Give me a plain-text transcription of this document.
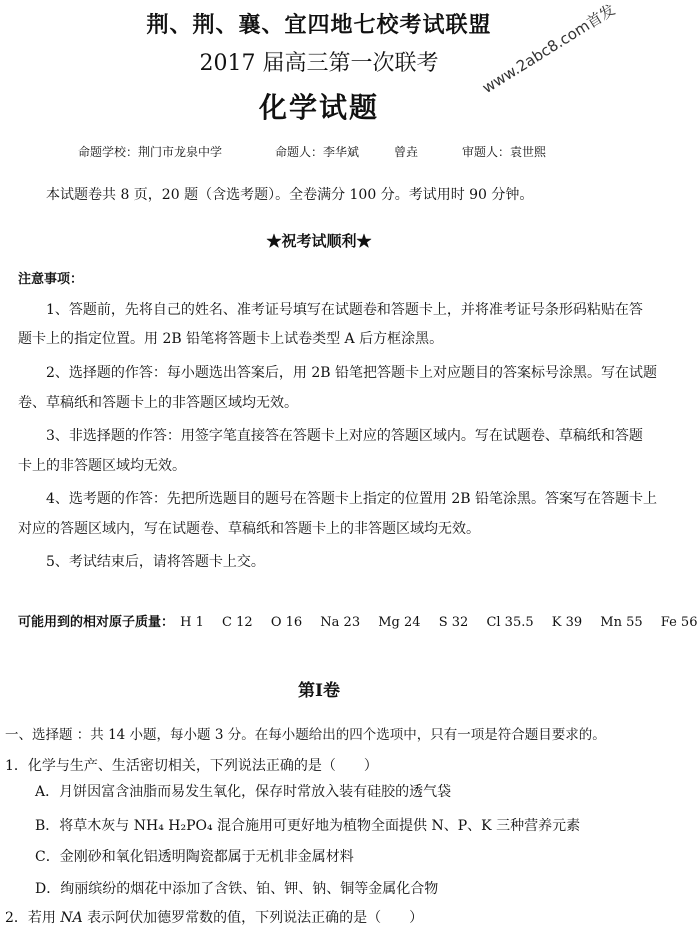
荆、荆、襄、宜四地七校考试联盟
2017 届高三第一次联考
化学试题
www.2abc8.com首发
命题学校：荆门市龙泉中学	命题人：李华斌	曾垚	审题人：袁世熙
本试题卷共 8 页，20 题（含选考题）。全卷满分 100 分。考试用时 90 分钟。
★祝考试顺利★
注意事项：
1、答题前，先将自己的姓名、准考证号填写在试题卷和答题卡上，并将准考证号条形码粘贴在答
题卡上的指定位置。用 2B 铅笔将答题卡上试卷类型 A 后方框涂黑。
2、选择题的作答：每小题选出答案后，用 2B 铅笔把答题卡上对应题目的答案标号涂黑。写在试题
卷、草稿纸和答题卡上的非答题区域均无效。
3、非选择题的作答：用签字笔直接答在答题卡上对应的答题区域内。写在试题卷、草稿纸和答题
卡上的非答题区域均无效。
4、选考题的作答：先把所选题目的题号在答题卡上指定的位置用 2B 铅笔涂黑。答案写在答题卡上
对应的答题区域内，写在试题卷、草稿纸和答题卡上的非答题区域均无效。
5、考试结束后，请将答题卡上交。
可能用到的相对原子质量： H 1 C 12 O 16 Na 23 Mg 24 S 32 Cl 35.5 K 39 Mn 55 Fe 56
第Ⅰ卷
一、选择题 ：共 14 小题，每小题 3 分。在每小题给出的四个选项中，只有一项是符合题目要求的。
1．化学与生产、生活密切相关，下列说法正确的是（　　）
A．月饼因富含油脂而易发生氧化，保存时常放入装有硅胶的透气袋
B．将草木灰与 NH₄ H₂PO₄ 混合施用可更好地为植物全面提供 N、P、K 三种营养元素
C．金刚砂和氧化铝透明陶瓷都属于无机非金属材料
D．绚丽缤纷的烟花中添加了含铁、铂、钾、钠、铜等金属化合物
2．若用 NA 表示阿伏加德罗常数的值，下列说法正确的是（　　）
